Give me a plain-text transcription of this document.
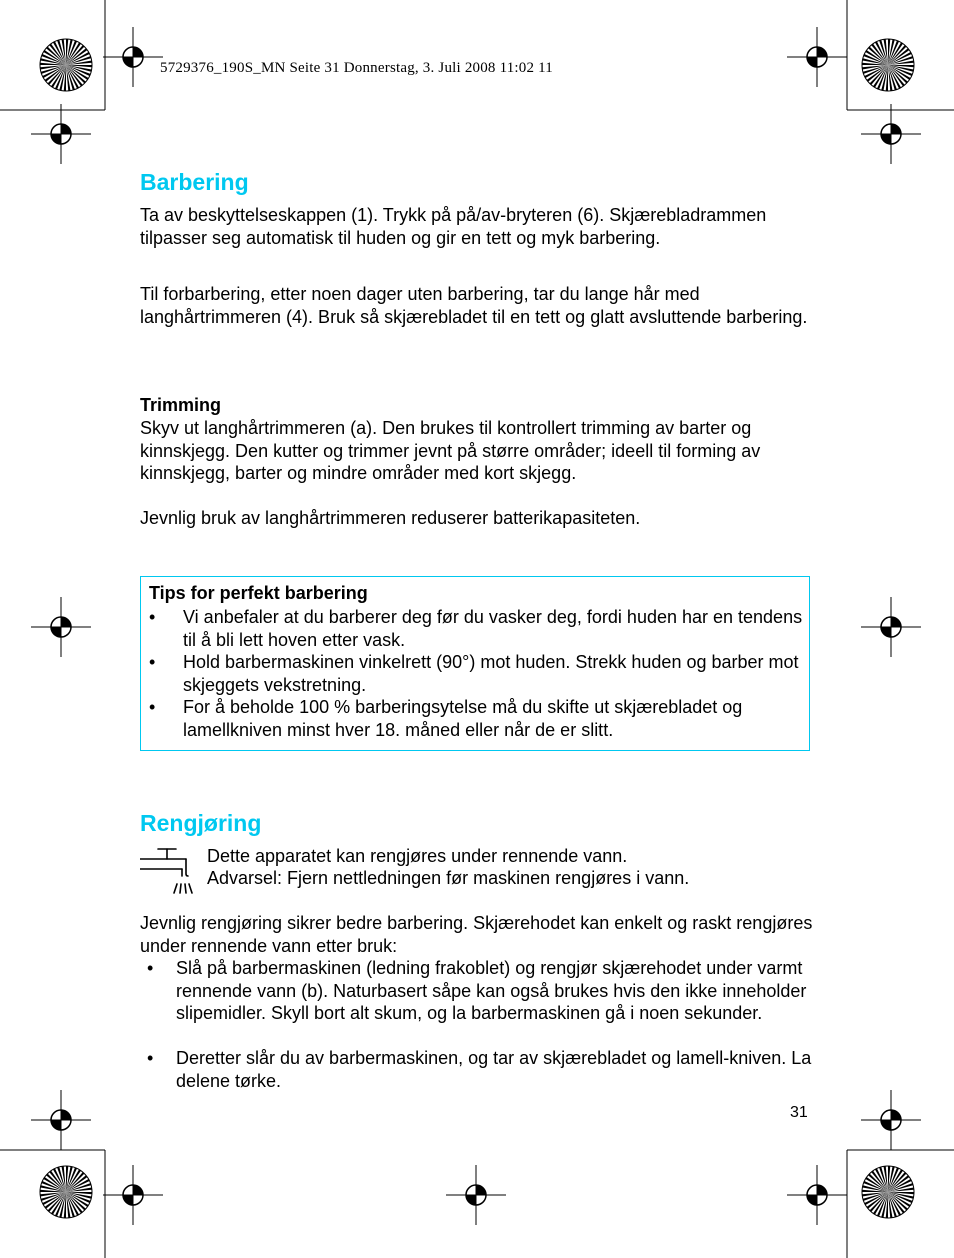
5729376_190S_MN Seite 31 Donnerstag, 3. Juli 2008 11:02 11
Barbering
Ta av beskyttelseskappen (1). Trykk på på/av-bryteren (6). Skjærebladrammen tilpasser seg automatisk til huden og gir en tett og myk barbering.
Til forbarbering, etter noen dager uten barbering, tar du lange hår med langhårtrimmeren (4). Bruk så skjærebladet til en tett og glatt avsluttende barbering.
Trimming
Skyv ut langhårtrimmeren (a). Den brukes til kontrollert trimming av barter og kinnskjegg. Den kutter og trimmer jevnt på større områder; ideell til forming av kinnskjegg, barter og mindre områder med kort skjegg.
Jevnlig bruk av langhårtrimmeren reduserer batterikapasiteten.
Tips for perfekt barbering
• Vi anbefaler at du barberer deg før du vasker deg, fordi huden har en tendens til å bli lett hoven etter vask.
• Hold barbermaskinen vinkelrett (90°) mot huden. Strekk huden og barber mot skjeggets vekstretning.
• For å beholde 100 % barberingsytelse må du skifte ut skjærebladet og lamellkniven minst hver 18. måned eller når de er slitt.
Rengjøring
Dette apparatet kan rengjøres under rennende vann.
Advarsel: Fjern nettledningen før maskinen rengjøres i vann.
Jevnlig rengjøring sikrer bedre barbering. Skjærehodet kan enkelt og raskt rengjøres under rennende vann etter bruk:
• Slå på barbermaskinen (ledning frakoblet) og rengjør skjærehodet under varmt rennende vann (b). Naturbasert såpe kan også brukes hvis den ikke inneholder slipemidler. Skyll bort alt skum, og la barbermaskinen gå i noen sekunder.
• Deretter slår du av barbermaskinen, og tar av skjærebladet og lamell-kniven. La delene tørke.
31
